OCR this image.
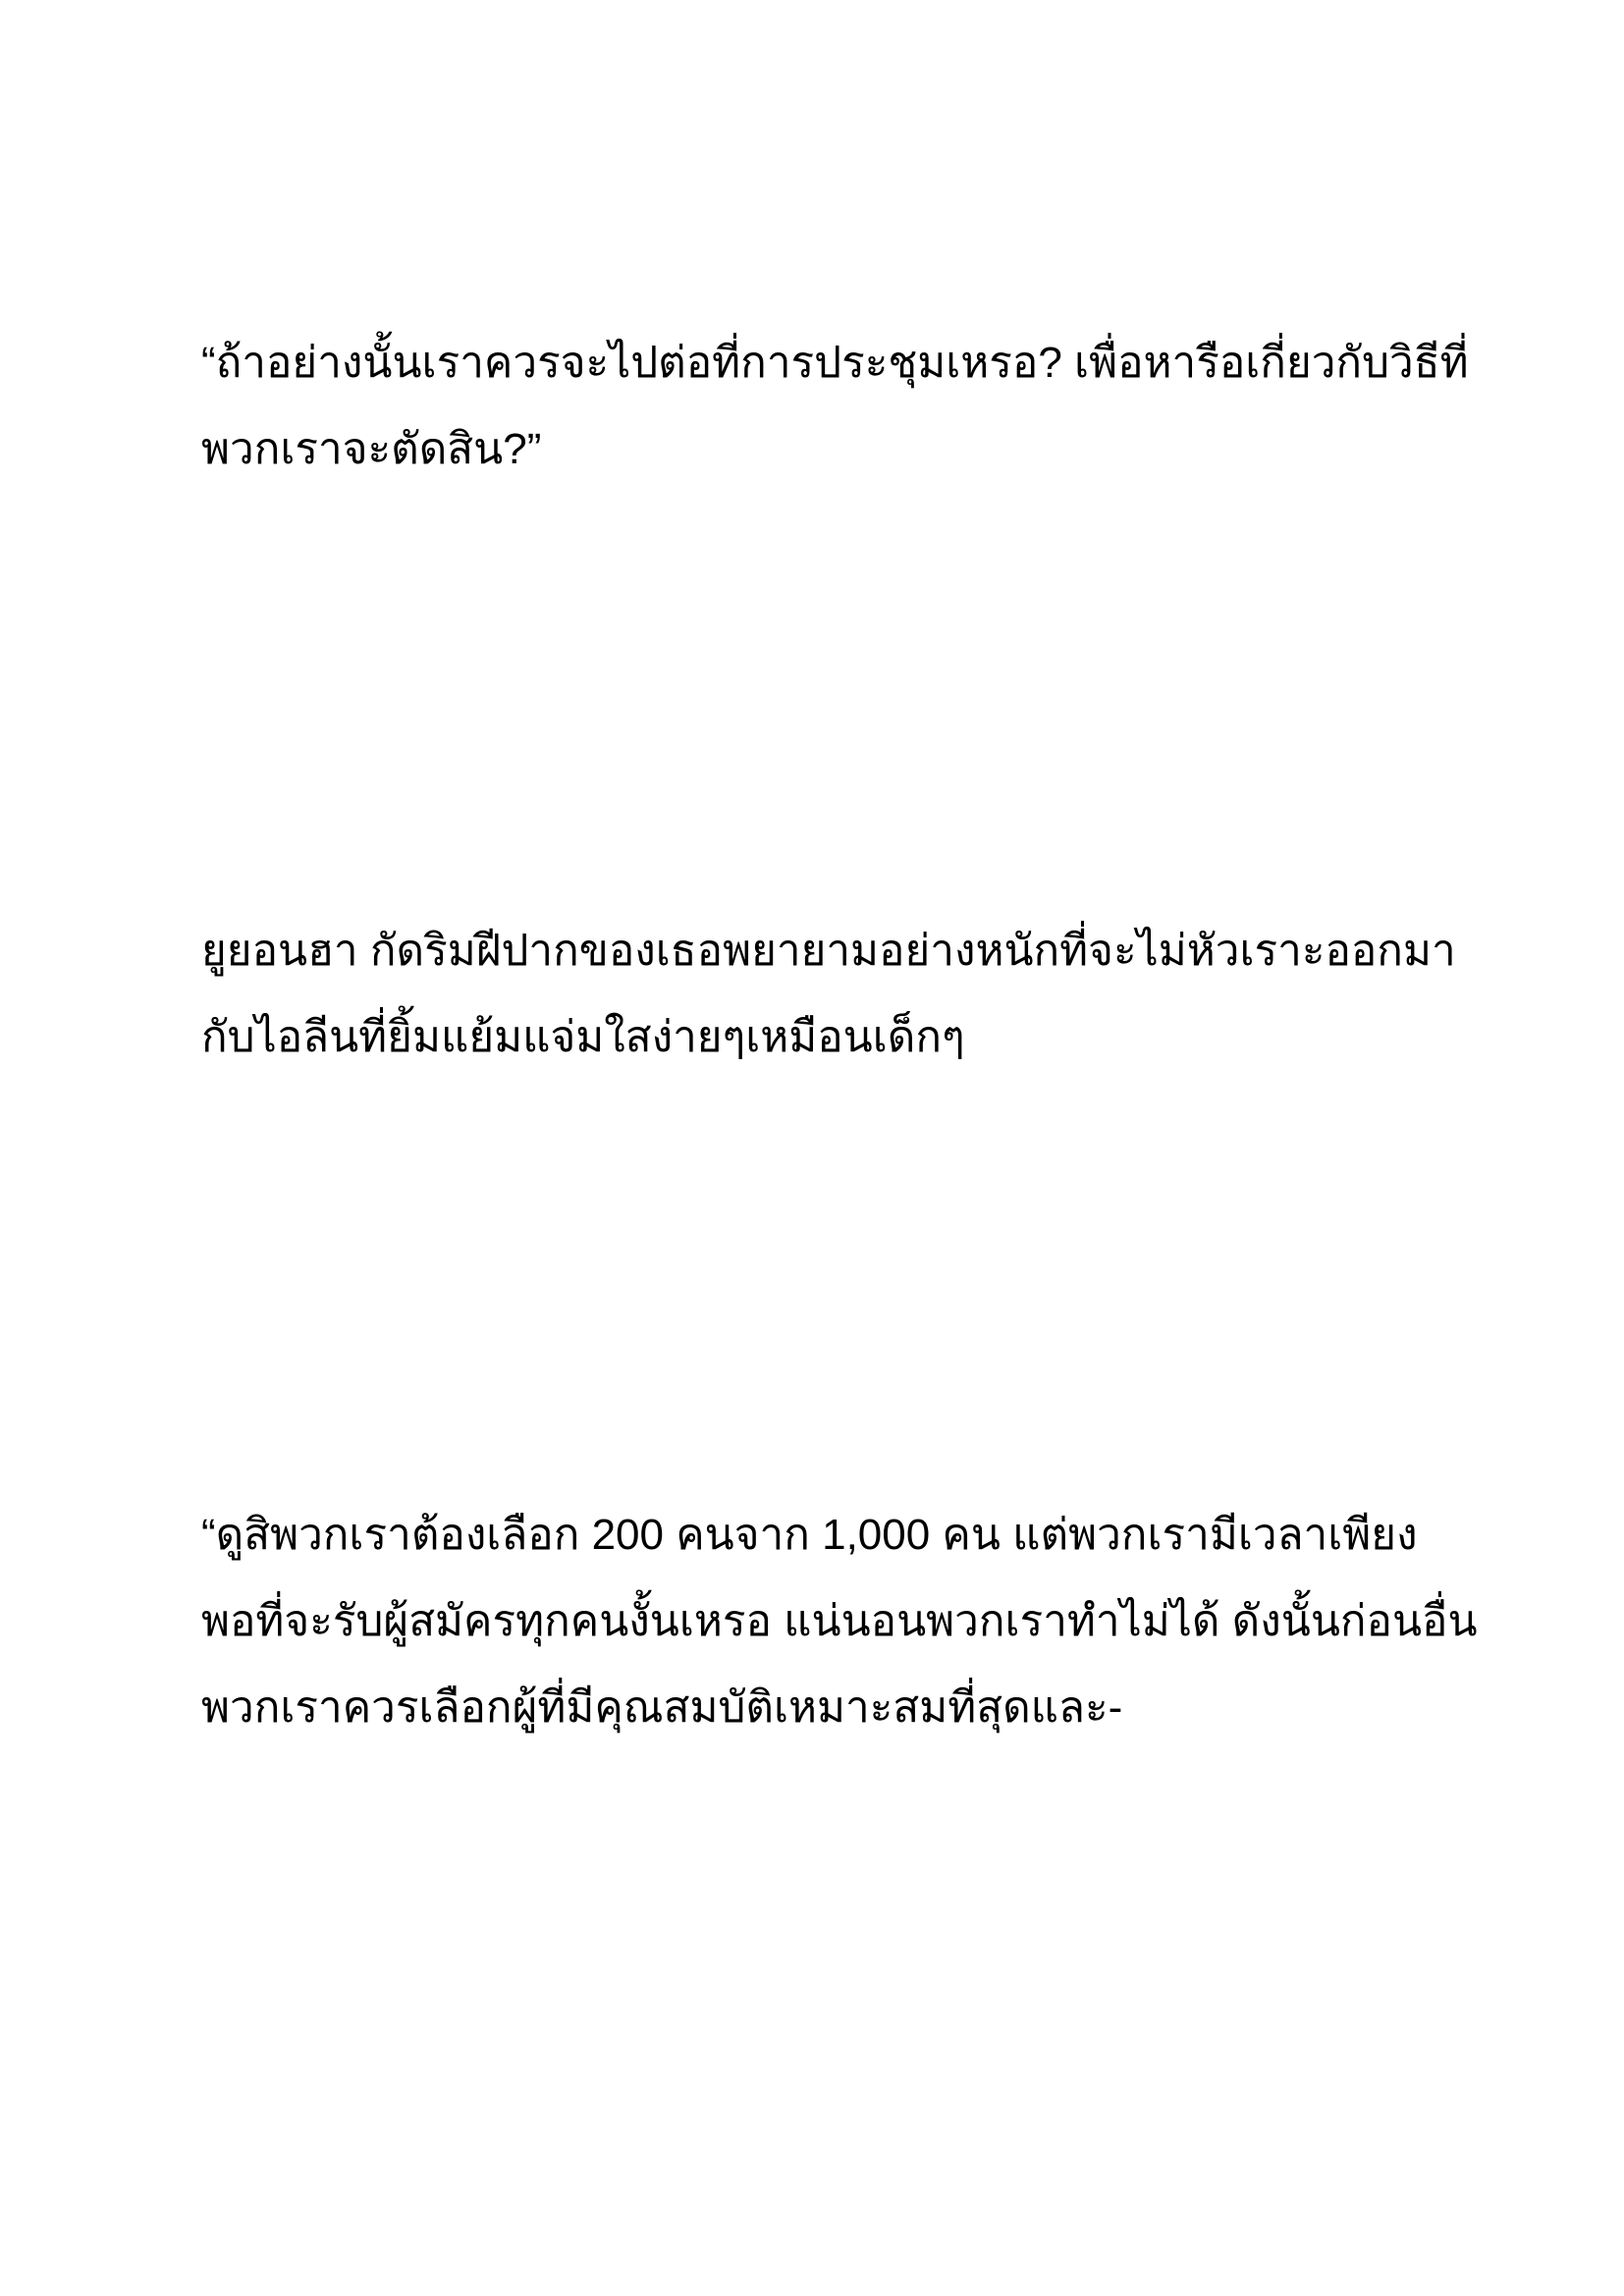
“ถ้าอย่างนั้นเราควรจะไปต่อที่การประชุมเหรอ? เพื่อหารือเกี่ยวกับวิธีที่
พวกเราจะตัดสิน?”

ยูยอนฮา กัดริมฝีปากของเธอพยายามอย่างหนักที่จะไม่หัวเราะออกมา
กับไอลีนที่ยิ้มแย้มแจ่มใสง่ายๆเหมือนเด็กๆ

“ดูสิพวกเราต้องเลือก 200 คนจาก 1,000 คน แต่พวกเรามีเวลาเพียง
พอที่จะรับผู้สมัครทุกคนงั้นเหรอ แน่นอนพวกเราทำไม่ได้ ดังนั้นก่อนอื่น
พวกเราควรเลือกผู้ที่มีคุณสมบัติเหมาะสมที่สุดและ-
